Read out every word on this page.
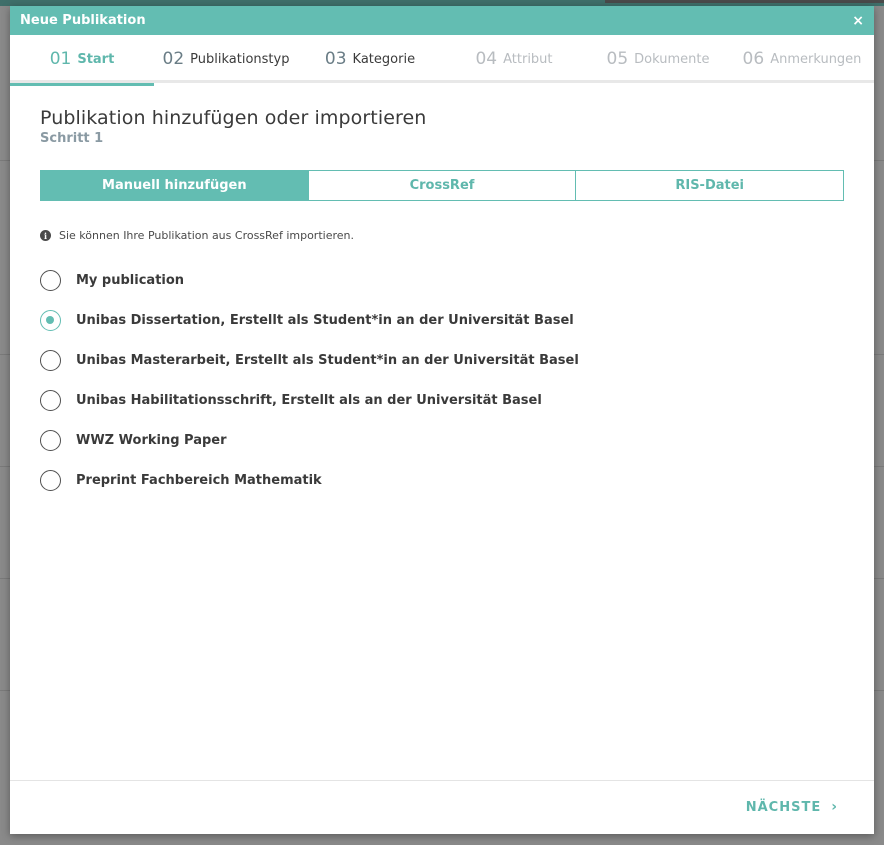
Neue Publikation	×
01 Start	02 Publikationstyp 03 Kategorie	04 Attribut	05 Dokumente 06 Anmerkungen
Publikation hinzufügen oder importieren
Schritt 1
Manuell hinzufügen	CrossRef	RIS-Datei
i	Sie können Ihre Publikation aus CrossRef importieren.
My publication
Unibas Dissertation, Erstellt als Student*in an der Universität Basel
Unibas Masterarbeit, Erstellt als Student*in an der Universität Basel
Unibas Habilitationsschrift, Erstellt als an der Universität Basel
WWZ Working Paper
Preprint Fachbereich Mathematik
NÄCHSTE ›
